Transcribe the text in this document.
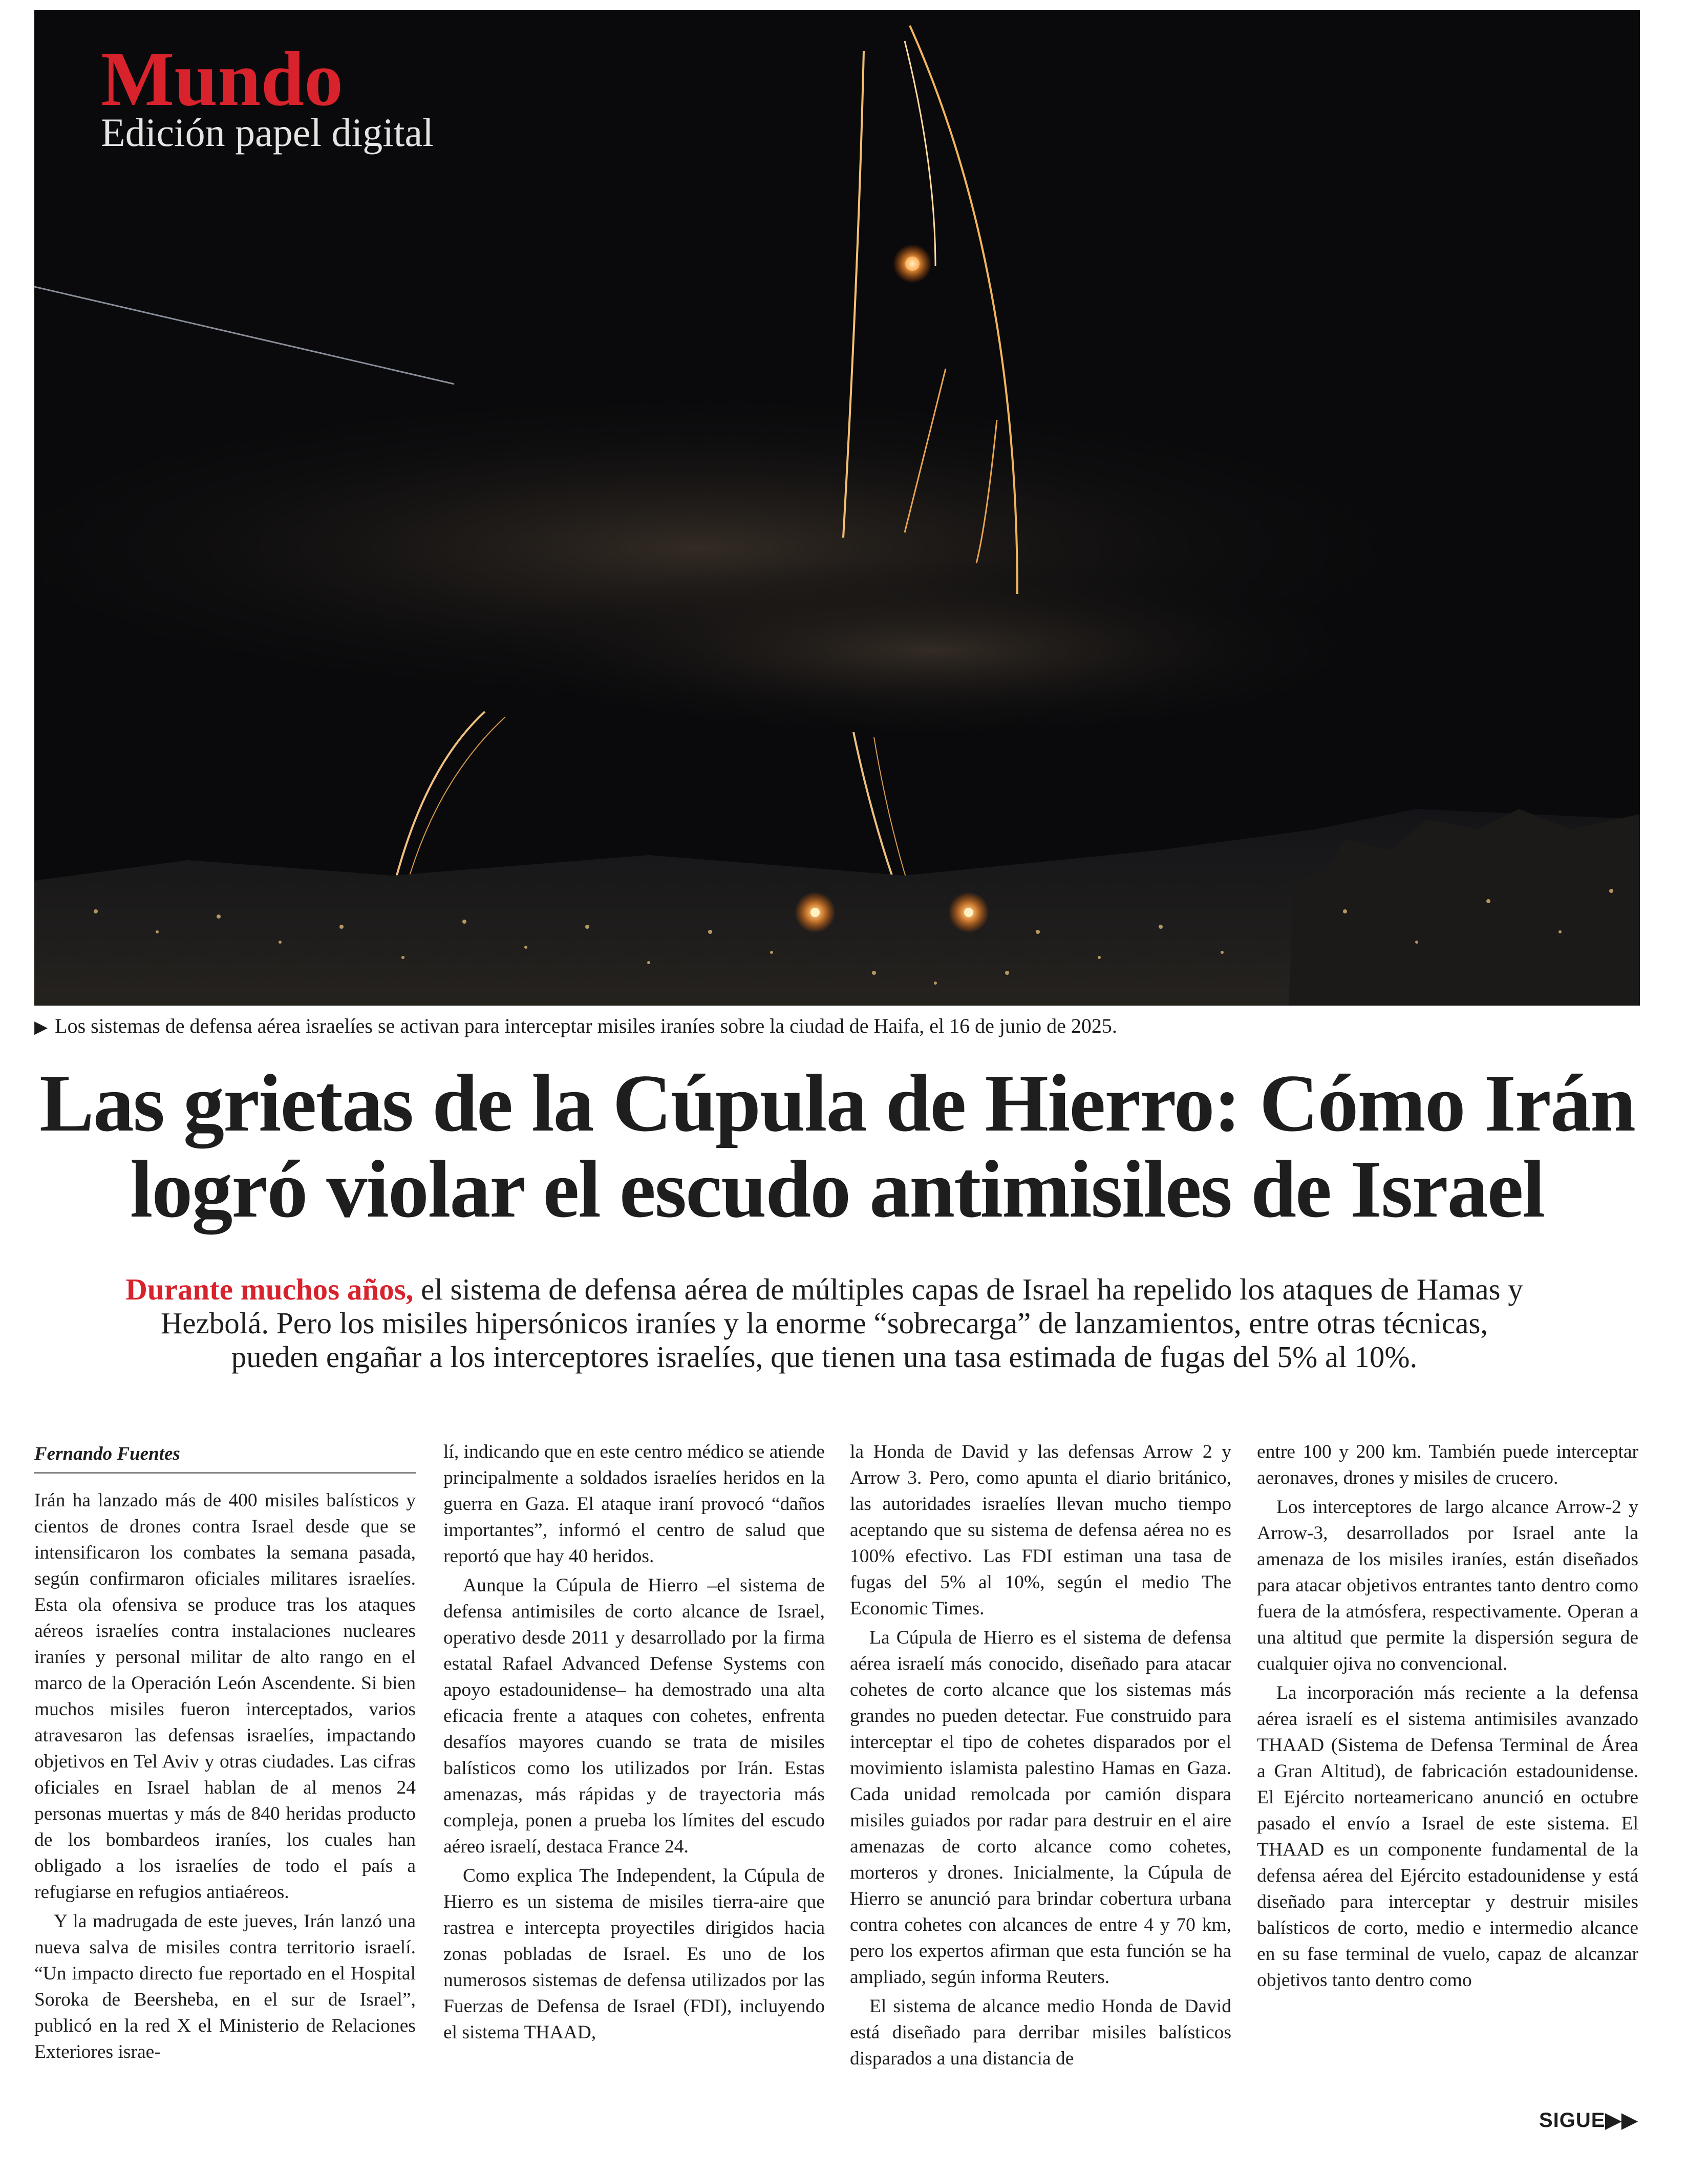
Mundo
Edición papel digital
▶ Los sistemas de defensa aérea israelíes se activan para interceptar misiles iraníes sobre la ciudad de Haifa, el 16 de junio de 2025.
Las grietas de la Cúpula de Hierro: Cómo Irán logró violar el escudo antimisiles de Israel

Durante muchos años, el sistema de defensa aérea de múltiples capas de Israel ha repelido los ataques de Hamas y Hezbolá. Pero los misiles hipersónicos iraníes y la enorme “sobrecarga” de lanzamientos, entre otras técnicas, pueden engañar a los interceptores israelíes, que tienen una tasa estimada de fugas del 5% al 10%.

Fernando Fuentes

Irán ha lanzado más de 400 misiles balísticos y cientos de drones contra Israel desde que se intensificaron los combates la semana pasada, según confirmaron oficiales militares israelíes. Esta ola ofensiva se produce tras los ataques aéreos israelíes contra instalaciones nucleares iraníes y personal militar de alto rango en el marco de la Operación León Ascendente. Si bien muchos misiles fueron interceptados, varios atravesaron las defensas israelíes, impactando objetivos en Tel Aviv y otras ciudades. Las cifras oficiales en Israel hablan de al menos 24 personas muertas y más de 840 heridas producto de los bombardeos iraníes, los cuales han obligado a los israelíes de todo el país a refugiarse en refugios antiaéreos.

Y la madrugada de este jueves, Irán lanzó una nueva salva de misiles contra territorio israelí. “Un impacto directo fue reportado en el Hospital Soroka de Beersheba, en el sur de Israel”, publicó en la red X el Ministerio de Relaciones Exteriores israe-

lí, indicando que en este centro médico se atiende principalmente a soldados israelíes heridos en la guerra en Gaza. El ataque iraní provocó “daños importantes”, informó el centro de salud que reportó que hay 40 heridos.

Aunque la Cúpula de Hierro –el sistema de defensa antimisiles de corto alcance de Israel, operativo desde 2011 y desarrollado por la firma estatal Rafael Advanced Defense Systems con apoyo estadounidense– ha demostrado una alta eficacia frente a ataques con cohetes, enfrenta desafíos mayores cuando se trata de misiles balísticos como los utilizados por Irán. Estas amenazas, más rápidas y de trayectoria más compleja, ponen a prueba los límites del escudo aéreo israelí, destaca France 24.

Como explica The Independent, la Cúpula de Hierro es un sistema de misiles tierra-aire que rastrea e intercepta proyectiles dirigidos hacia zonas pobladas de Israel. Es uno de los numerosos sistemas de defensa utilizados por las Fuerzas de Defensa de Israel (FDI), incluyendo el sistema THAAD,

la Honda de David y las defensas Arrow 2 y Arrow 3. Pero, como apunta el diario británico, las autoridades israelíes llevan mucho tiempo aceptando que su sistema de defensa aérea no es 100% efectivo. Las FDI estiman una tasa de fugas del 5% al 10%, según el medio The Economic Times.

La Cúpula de Hierro es el sistema de defensa aérea israelí más conocido, diseñado para atacar cohetes de corto alcance que los sistemas más grandes no pueden detectar. Fue construido para interceptar el tipo de cohetes disparados por el movimiento islamista palestino Hamas en Gaza. Cada unidad remolcada por camión dispara misiles guiados por radar para destruir en el aire amenazas de corto alcance como cohetes, morteros y drones. Inicialmente, la Cúpula de Hierro se anunció para brindar cobertura urbana contra cohetes con alcances de entre 4 y 70 km, pero los expertos afirman que esta función se ha ampliado, según informa Reuters.

El sistema de alcance medio Honda de David está diseñado para derribar misiles balísticos disparados a una distancia de

entre 100 y 200 km. También puede interceptar aeronaves, drones y misiles de crucero.

Los interceptores de largo alcance Arrow-2 y Arrow-3, desarrollados por Israel ante la amenaza de los misiles iraníes, están diseñados para atacar objetivos entrantes tanto dentro como fuera de la atmósfera, respectivamente. Operan a una altitud que permite la dispersión segura de cualquier ojiva no convencional.

La incorporación más reciente a la defensa aérea israelí es el sistema antimisiles avanzado THAAD (Sistema de Defensa Terminal de Área a Gran Altitud), de fabricación estadounidense. El Ejército norteamericano anunció en octubre pasado el envío a Israel de este sistema. El THAAD es un componente fundamental de la defensa aérea del Ejército estadounidense y está diseñado para interceptar y destruir misiles balísticos de corto, medio e intermedio alcance en su fase terminal de vuelo, capaz de alcanzar objetivos tanto dentro como

SIGUE▶▶
